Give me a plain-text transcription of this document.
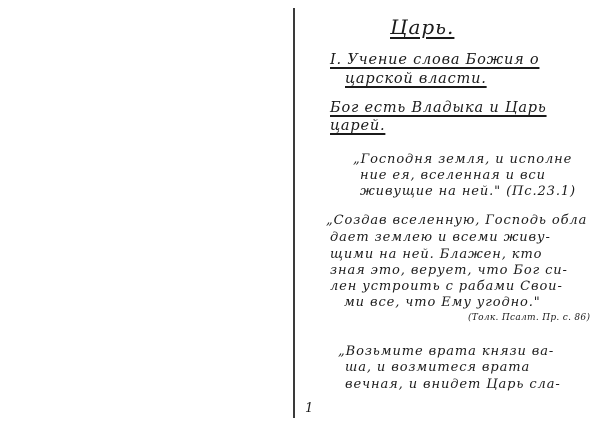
Царь.
I. Учение слова Божия о
царской власти.
Бог есть Владыка и Царь
царей.
„Господня земля, и исполне
ние ея, вселенная и вси
живущие на ней." (Пс.23.1)
„Создав вселенную, Господь обла
дает землею и всеми живу-
щими на ней. Блажен, кто
зная это, верует, что Бог си-
лен устроить с рабами Свои-
ми все, что Ему угодно."
(Толк. Псалт. Пр. с. 86)
„Возьмите врата князи ва-
ша, и возмитеся врата
вечная, и внидет Царь сла-
1
